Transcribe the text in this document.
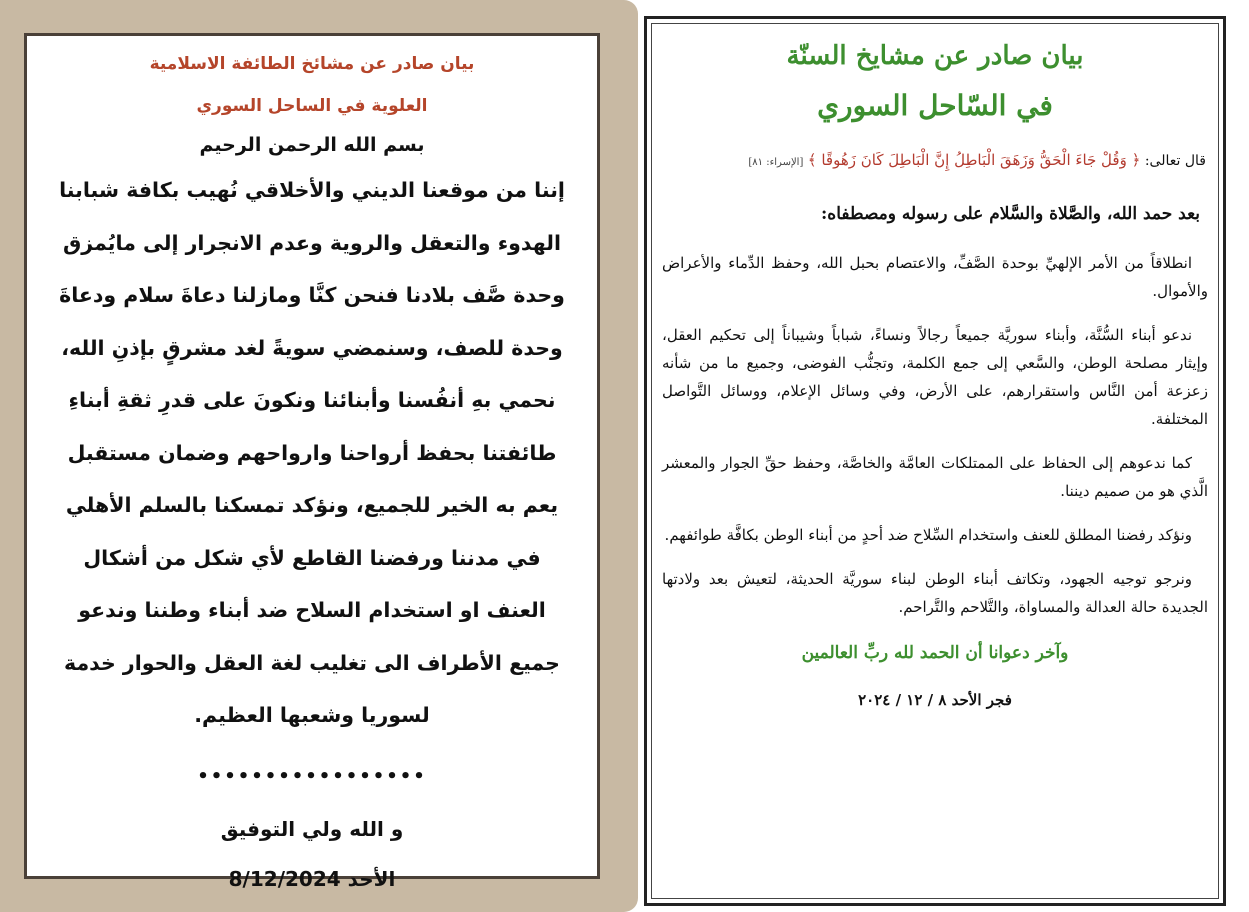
بيان صادر عن مشائخ الطائفة الاسلامية
العلوية في الساحل السوري
بسم الله الرحمن الرحيم
إننا من موقعنا الديني والأخلاقي نُهيب بكافة شبابنا الهدوء والتعقل والروية وعدم الانجرار إلى مايُمزق وحدة صَّف بلادنا فنحن كنَّا ومازلنا دعاةَ سلام ودعاةَ وحدة للصف، وسنمضي سويةً لغد مشرقٍ بإذنِ الله، نحمي بهِ أنفُسنا وأبنائنا ونكونَ على قدرِ ثقةِ أبناءِ طائفتنا بحفظ أرواحنا وارواحهم وضمان مستقبل يعم به الخير للجميع، ونؤكد تمسكنا بالسلم الأهلي في مدننا ورفضنا القاطع لأي شكل من أشكال العنف او استخدام السلاح ضد أبناء وطننا وندعو جميع الأطراف الى تغليب لغة العقل والحوار خدمة لسوريا وشعبها العظيم.
•••••••••••••••••
و الله ولي التوفيق
الأحد 8/12/2024
بيان صادر عن مشايخ السنّة
في السّاحل السوري
قال تعالى: ﴿ وَقُلْ جَاءَ الْحَقُّ وَزَهَقَ الْبَاطِلُ إِنَّ الْبَاطِلَ كَانَ زَهُوقًا ﴾ [الإسراء: ٨١]
بعد حمد الله، والصَّلاة والسَّلام على رسوله ومصطفاه:
انطلاقاً من الأمر الإلهيِّ بوحدة الصَّفِّ، والاعتصام بحبل الله، وحفظ الدِّماء والأعراض والأموال.
ندعو أبناء السُّنَّة، وأبناء سوريَّة جميعاً رجالاً ونساءً، شباباً وشيباناً إلى تحكيم العقل، وإيثار مصلحة الوطن، والسَّعي إلى جمع الكلمة، وتجنُّب الفوضى، وجميع ما من شأنه زعزعة أمن النَّاس واستقرارهم، على الأرض، وفي وسائل الإعلام، ووسائل التَّواصل المختلفة.
كما ندعوهم إلى الحفاظ على الممتلكات العامَّة والخاصَّة، وحفظ حقِّ الجوار والمعشر الَّذي هو من صميم ديننا.
ونؤكد رفضنا المطلق للعنف واستخدام السِّلاح ضد أحدٍ من أبناء الوطن بكافَّة طوائفهم.
ونرجو توجيه الجهود، وتكاتف أبناء الوطن لبناء سوريَّة الحديثة، لتعيش بعد ولادتها الجديدة حالة العدالة والمساواة، والتَّلاحم والتَّراحم.
وآخر دعوانا أن الحمد لله ربِّ العالمين
فجر الأحد ٨ / ١٢ / ٢٠٢٤
